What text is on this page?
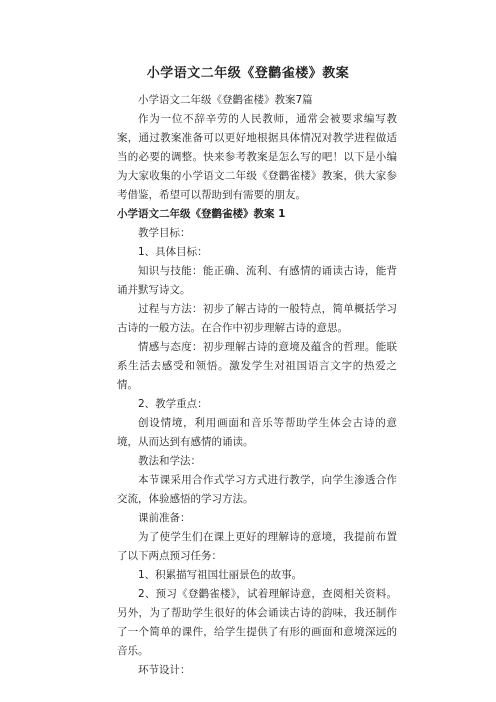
小学语文二年级《登鹳雀楼》教案

小学语文二年级《登鹳雀楼》教案7篇

作为一位不辞辛劳的人民教师，通常会被要求编写教案，通过教案准备可以更好地根据具体情况对教学进程做适当的必要的调整。快来参考教案是怎么写的吧！以下是小编为大家收集的小学语文二年级《登鹳雀楼》教案，供大家参考借鉴，希望可以帮助到有需要的朋友。

小学语文二年级《登鹳雀楼》教案 1

教学目标：

1、具体目标：

知识与技能：能正确、流利、有感情的诵读古诗，能背诵并默写诗文。

过程与方法：初步了解古诗的一般特点，简单概括学习古诗的一般方法。在合作中初步理解古诗的意思。

情感与态度：初步理解古诗的意境及蕴含的哲理。能联系生活去感受和领悟。激发学生对祖国语言文字的热爱之情。

2、教学重点：

创设情境，利用画面和音乐等帮助学生体会古诗的意境，从而达到有感情的诵读。

教法和学法：

本节课采用合作式学习方式进行教学，向学生渗透合作交流，体验感悟的学习方法。

课前准备：

为了使学生们在课上更好的理解诗的意境，我提前布置了以下两点预习任务：

1、积累描写祖国壮丽景色的故事。

2、预习《登鹳雀楼》，试着理解诗意，查阅相关资料。另外，为了帮助学生很好的体会诵读古诗的韵味，我还制作了一个简单的课件，给学生提供了有形的画面和意境深远的音乐。

环节设计：
